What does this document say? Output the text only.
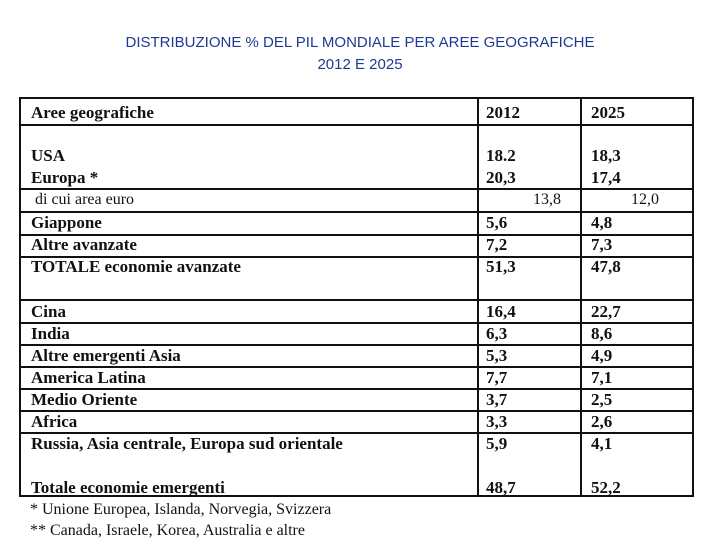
DISTRIBUZIONE % DEL PIL MONDIALE PER AREE GEOGRAFICHE
2012 E 2025
Aree geografiche	2012	2025
USA	18.2	18,3
Europa *	20,3	17,4
di cui area euro	13,8	12,0
Giappone	5,6	4,8
Altre avanzate	7,2	7,3
TOTALE economie avanzate	51,3	47,8
Cina	16,4	22,7
India	6,3	8,6
Altre emergenti Asia	5,3	4,9
America Latina	7,7	7,1
Medio Oriente	3,7	2,5
Africa	3,3	2,6
Russia, Asia centrale, Europa sud orientale	5,9	4,1
Totale economie emergenti	48,7	52,2
* Unione Europea, Islanda, Norvegia, Svizzera
** Canada, Israele, Korea, Australia e altre
